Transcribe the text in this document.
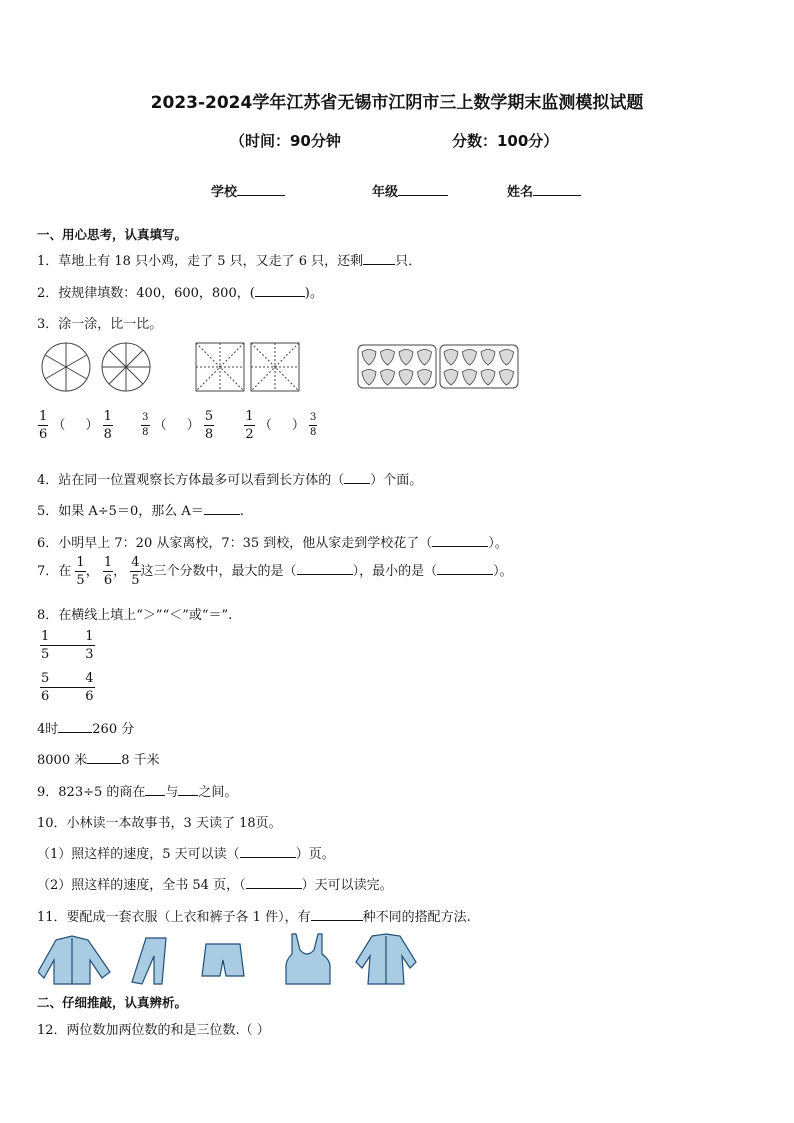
2023-2024学年江苏省无锡市江阴市三上数学期末监测模拟试题
（时间：90分钟	分数：100分）
学校	年级	姓名
一、用心思考，认真填写。
1．草地上有 18 只小鸡，走了 5 只，又走了 6 只，还剩 只．
2．按规律填数：400，600，800，(	)。
3．涂一涂，比一比。
$\frac{1}{6}$ （ ） $\frac{1}{8}$
	$\frac{3}{8}$ （ ） $\frac{5}{8}$
$\frac{1}{2}$ （ ） $\frac{3}{8}$
4．站在同一位置观察长方体最多可以看到长方体的（ ）个面。
5．如果 A÷5＝0，那么 A＝	.
6．小明早上 7：20 从家离校，7：35 到校，他从家走到学校花了（	）。
7．在 $\frac{1}{5}$ ， $\frac{1}{6}$ ， $\frac{4}{5}$ 这三个分数中，最大的是（	），最小的是（	）。
8．在横线上填上“＞”“＜”或“＝”.
$\frac{1}{5}$	$\frac{1}{3}$
$\frac{5}{6}$	$\frac{4}{6}$
4时	260 分
8000 米	8 千米
9．823÷5 的商在 与 之间。
10．小林读一本故事书，3 天读了 18页。
（1）照这样的速度，5 天可以读（	）页。
（2）照这样的速度，全书 54 页，（	）天可以读完。
11．要配成一套衣服（上衣和裤子各 1 件），有	种不同的搭配方法.
二、仔细推敲，认真辨析。
12．两位数加两位数的和是三位数.（ ）
